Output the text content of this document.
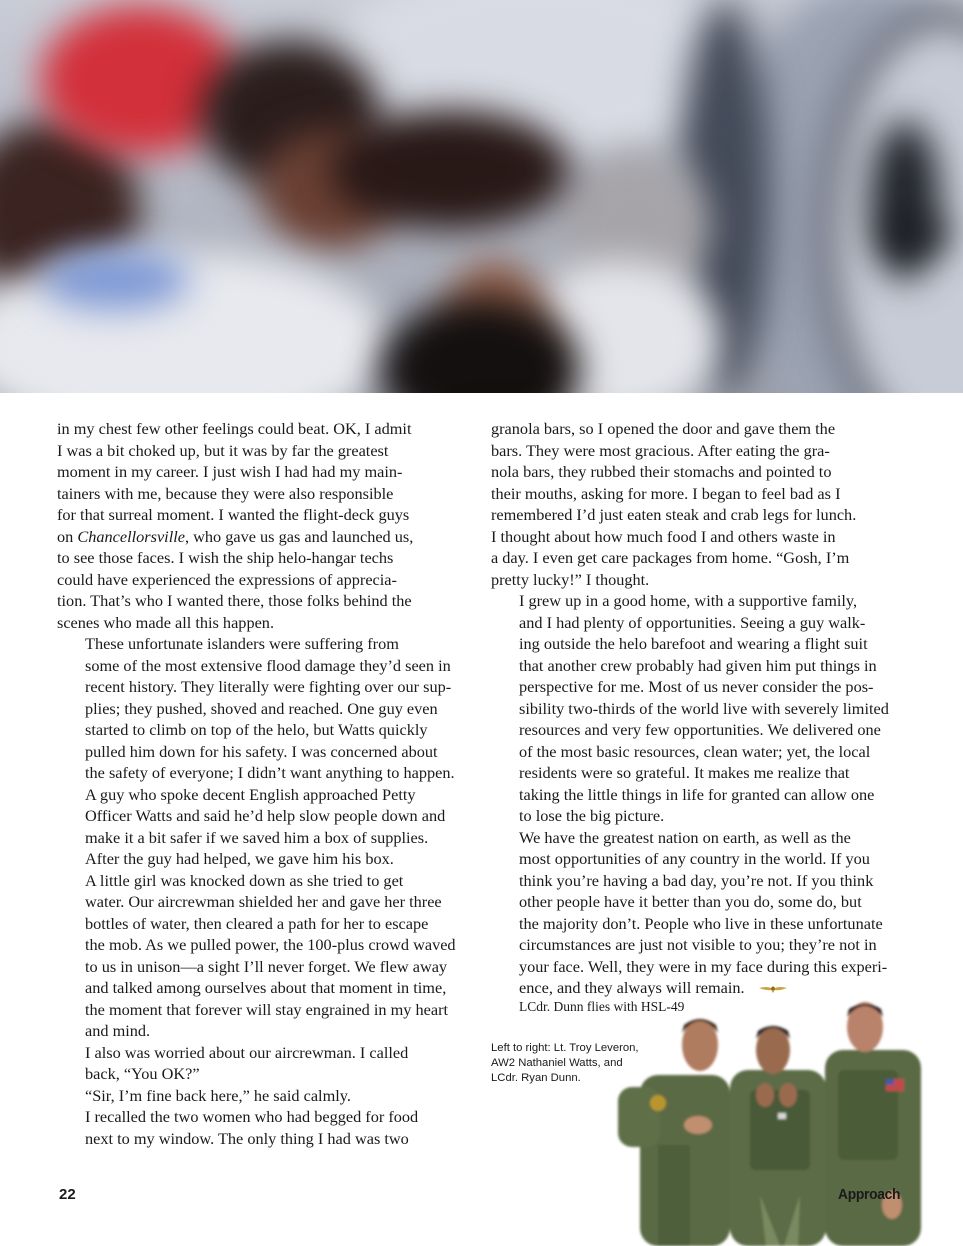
in my chest few other feelings could beat. OK, I admit
I was a bit choked up, but it was by far the greatest
moment in my career. I just wish I had had my main-
tainers with me, because they were also responsible
for that surreal moment. I wanted the flight-deck guys
on Chancellorsville, who gave us gas and launched us,
to see those faces. I wish the ship helo-hangar techs
could have experienced the expressions of apprecia-
tion. That’s who I wanted there, those folks behind the
scenes who made all this happen.

These unfortunate islanders were suffering from
some of the most extensive flood damage they’d seen in
recent history. They literally were fighting over our sup-
plies; they pushed, shoved and reached. One guy even
started to climb on top of the helo, but Watts quickly
pulled him down for his safety. I was concerned about
the safety of everyone; I didn’t want anything to happen.

A guy who spoke decent English approached Petty
Officer Watts and said he’d help slow people down and
make it a bit safer if we saved him a box of supplies.
After the guy had helped, we gave him his box.

A little girl was knocked down as she tried to get
water. Our aircrewman shielded her and gave her three
bottles of water, then cleared a path for her to escape
the mob. As we pulled power, the 100-plus crowd waved
to us in unison—a sight I’ll never forget. We flew away
and talked among ourselves about that moment in time,
the moment that forever will stay engrained in my heart
and mind.

I also was worried about our aircrewman. I called
back, “You OK?”

“Sir, I’m fine back here,” he said calmly.

I recalled the two women who had begged for food
next to my window. The only thing I had was two

granola bars, so I opened the door and gave them the
bars. They were most gracious. After eating the gra-
nola bars, they rubbed their stomachs and pointed to
their mouths, asking for more. I began to feel bad as I
remembered I’d just eaten steak and crab legs for lunch.
I thought about how much food I and others waste in
a day. I even get care packages from home. “Gosh, I’m
pretty lucky!” I thought.

I grew up in a good home, with a supportive family,
and I had plenty of opportunities. Seeing a guy walk-
ing outside the helo barefoot and wearing a flight suit
that another crew probably had given him put things in
perspective for me. Most of us never consider the pos-
sibility two-thirds of the world live with severely limited
resources and very few opportunities. We delivered one
of the most basic resources, clean water; yet, the local
residents were so grateful. It makes me realize that
taking the little things in life for granted can allow one
to lose the big picture.

We have the greatest nation on earth, as well as the
most opportunities of any country in the world. If you
think you’re having a bad day, you’re not. If you think
other people have it better than you do, some do, but
the majority don’t. People who live in these unfortunate
circumstances are just not visible to you; they’re not in
your face. Well, they were in my face during this experi-
ence, and they always will remain.

LCdr. Dunn flies with HSL-49

Left to right: Lt. Troy Leveron,
AW2 Nathaniel Watts, and
LCdr. Ryan Dunn.
22	Approach
